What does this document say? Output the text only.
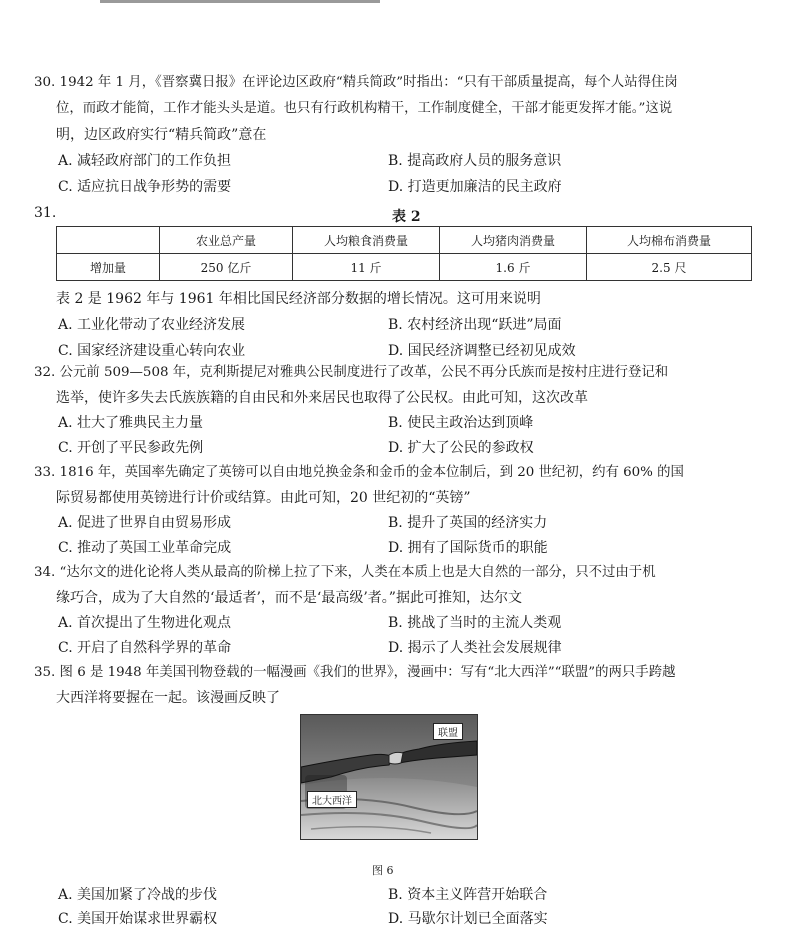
30. 1942 年 1 月，《晋察冀日报》在评论边区政府“精兵简政”时指出：“只有干部质量提高，每个人站得住岗
位，而政才能简，工作才能头头是道。也只有行政机构精干，工作制度健全，干部才能更发挥才能。”这说
明，边区政府实行“精兵简政”意在
A. 减轻政府部门的工作负担	B. 提高政府人员的服务意识
C. 适应抗日战争形势的需要	D. 打造更加廉洁的民主政府
31.	表 2
	农业总产量	人均粮食消费量	人均猪肉消费量	人均棉布消费量
增加量	250 亿斤	11 斤	1.6 斤	2.5 尺
表 2 是 1962 年与 1961 年相比国民经济部分数据的增长情况。这可用来说明
A. 工业化带动了农业经济发展	B. 农村经济出现“跃进”局面
C. 国家经济建设重心转向农业	D. 国民经济调整已经初见成效
32. 公元前 509—508 年，克利斯提尼对雅典公民制度进行了改革，公民不再分氏族而是按村庄进行登记和
选举，使许多失去氏族族籍的自由民和外来居民也取得了公民权。由此可知，这次改革
A. 壮大了雅典民主力量	B. 使民主政治达到顶峰
C. 开创了平民参政先例	D. 扩大了公民的参政权
33. 1816 年，英国率先确定了英镑可以自由地兑换金条和金币的金本位制后，到 20 世纪初，约有 60% 的国
际贸易都使用英镑进行计价或结算。由此可知，20 世纪初的“英镑”
A. 促进了世界自由贸易形成	B. 提升了英国的经济实力
C. 推动了英国工业革命完成	D. 拥有了国际货币的职能
34. “达尔文的进化论将人类从最高的阶梯上拉了下来，人类在本质上也是大自然的一部分，只不过由于机
缘巧合，成为了大自然的‘最适者’，而不是‘最高级’者。”据此可推知，达尔文
A. 首次提出了生物进化观点	B. 挑战了当时的主流人类观
C. 开启了自然科学界的革命	D. 揭示了人类社会发展规律
35. 图 6 是 1948 年美国刊物登载的一幅漫画《我们的世界》，漫画中：写有“北大西洋”“联盟”的两只手跨越
大西洋将要握在一起。该漫画反映了
联盟
北大西洋
图 6
A. 美国加紧了冷战的步伐	B. 资本主义阵营开始联合
C. 美国开始谋求世界霸权	D. 马歇尔计划已全面落实
